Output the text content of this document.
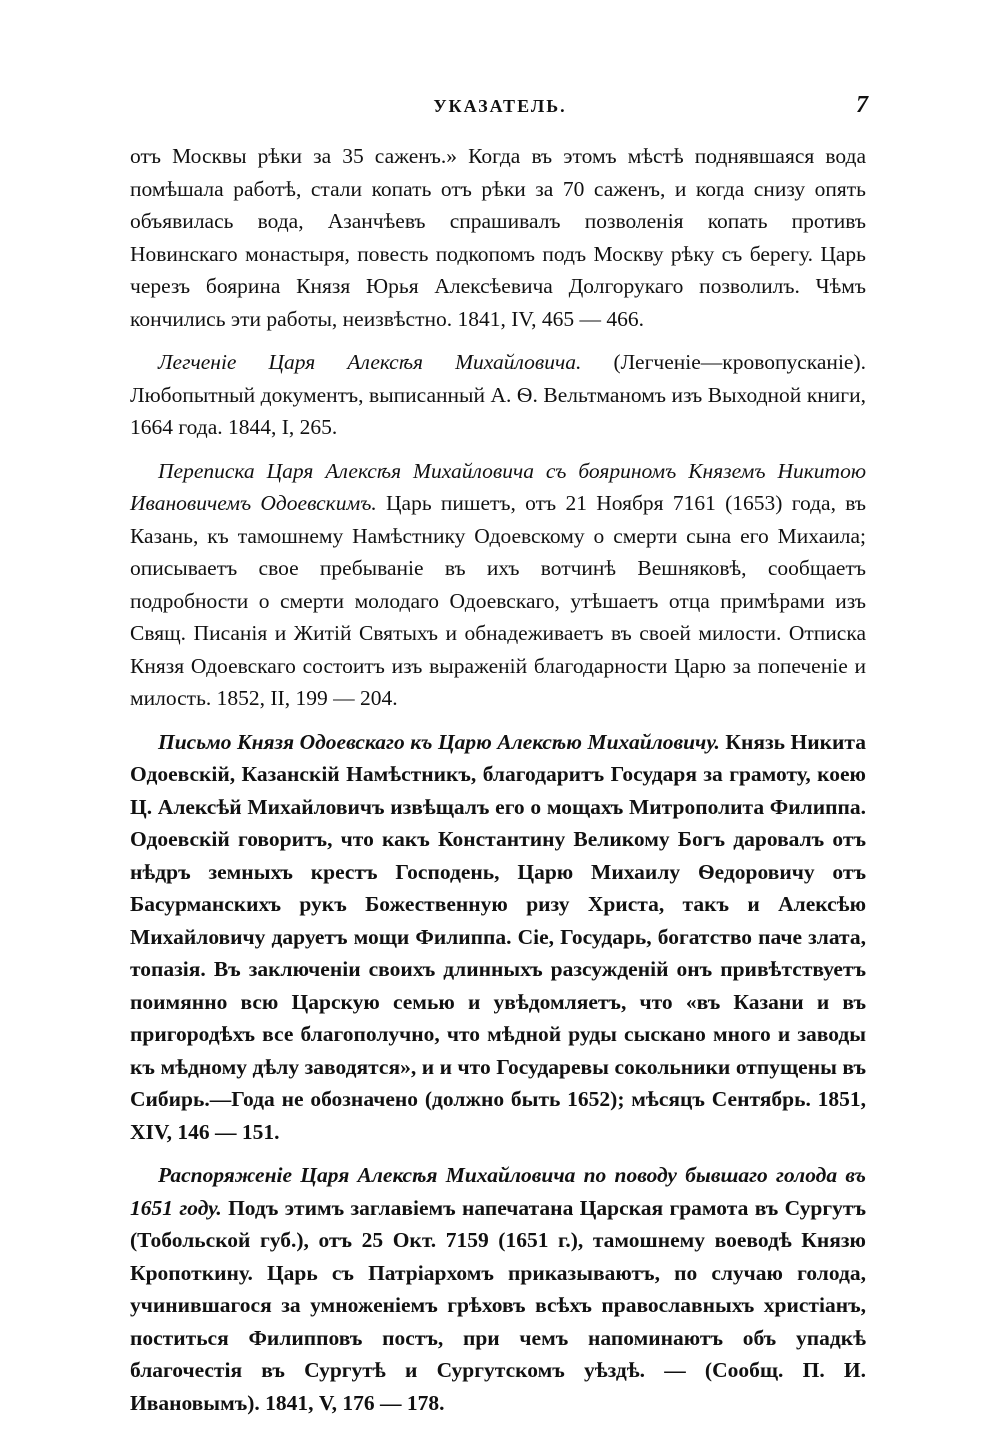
УКАЗАТЕЛЬ.	7

отъ Москвы рѣки за 35 саженъ.» Когда въ этомъ мѣстѣ поднявшаяся вода помѣшала работѣ, стали копать отъ рѣки за 70 саженъ, и когда снизу опять объявилась вода, Азанчѣевъ спрашивалъ позволенія копать противъ Новинскаго монастыря, повесть подкопомъ подъ Москву рѣку съ берегу. Царь черезъ боярина Князя Юрья Алексѣевича Долгорукаго позволилъ. Чѣмъ кончились эти работы, неизвѣстно. 1841, IV, 465 — 466.

Легченіе Царя Алексѣя Михайловича. (Легченіе—кровопусканіе). Любопытный документъ, выписанный А. Ѳ. Вельтманомъ изъ Выходной книги, 1664 года. 1844, I, 265.

Переписка Царя Алексѣя Михайловича съ бояриномъ Княземъ Никитою Ивановичемъ Одоевскимъ. Царь пишетъ, отъ 21 Ноября 7161 (1653) года, въ Казань, къ тамошнему Намѣстнику Одоевскому о смерти сына его Михаила; описываетъ свое пребываніе въ ихъ вотчинѣ Вешняковѣ, сообщаетъ подробности о смерти молодаго Одоевскаго, утѣшаетъ отца примѣрами изъ Свящ. Писанія и Житій Святыхъ и обнадеживаетъ въ своей милости. Отписка Князя Одоевскаго состоитъ изъ выраженій благодарности Царю за попеченіе и милость. 1852, II, 199 — 204.

Письмо Князя Одоевскаго къ Царю Алексѣю Михайловичу. Князь Никита Одоевскій, Казанскій Намѣстникъ, благодаритъ Государя за грамоту, коею Ц. Алексѣй Михайловичъ извѣщалъ его о мощахъ Митрополита Филиппа. Одоевскій говоритъ, что какъ Константину Великому Богъ даровалъ отъ нѣдръ земныхъ крестъ Господень, Царю Михаилу Ѳедоровичу отъ Басурманскихъ рукъ Божественную ризу Христа, такъ и Алексѣю Михайловичу даруетъ мощи Филиппа. Сіе, Государь, богатство паче злата, топазія. Въ заключеніи своихъ длинныхъ разсужденій онъ привѣтствуетъ поимянно всю Царскую семью и увѣдомляетъ, что «въ Казани и въ пригородѣхъ все благополучно, что мѣдной руды сыскано много и заводы къ мѣдному дѣлу заводятся», и и что Государевы сокольники отпущены въ Сибирь.—Года не обозначено (должно быть 1652); мѣсяцъ Сентябрь. 1851, XIV, 146 — 151.

Распоряженіе Царя Алексѣя Михайловича по поводу бывшаго голода въ 1651 году. Подъ этимъ заглавіемъ напечатана Царская грамота въ Сургутъ (Тобольской губ.), отъ 25 Окт. 7159 (1651 г.), тамошнему воеводѣ Князю Кропоткину. Царь съ Патріархомъ приказываютъ, по случаю голода, учинившагося за умноженіемъ грѣховъ всѣхъ православныхъ христіанъ, поститься Филипповъ постъ, при чемъ напоминаютъ объ упадкѣ благочестія въ Сургутѣ и Сургутскомъ уѣздѣ. — (Сообщ. П. И. Ивановымъ). 1841, V, 176 — 178.
